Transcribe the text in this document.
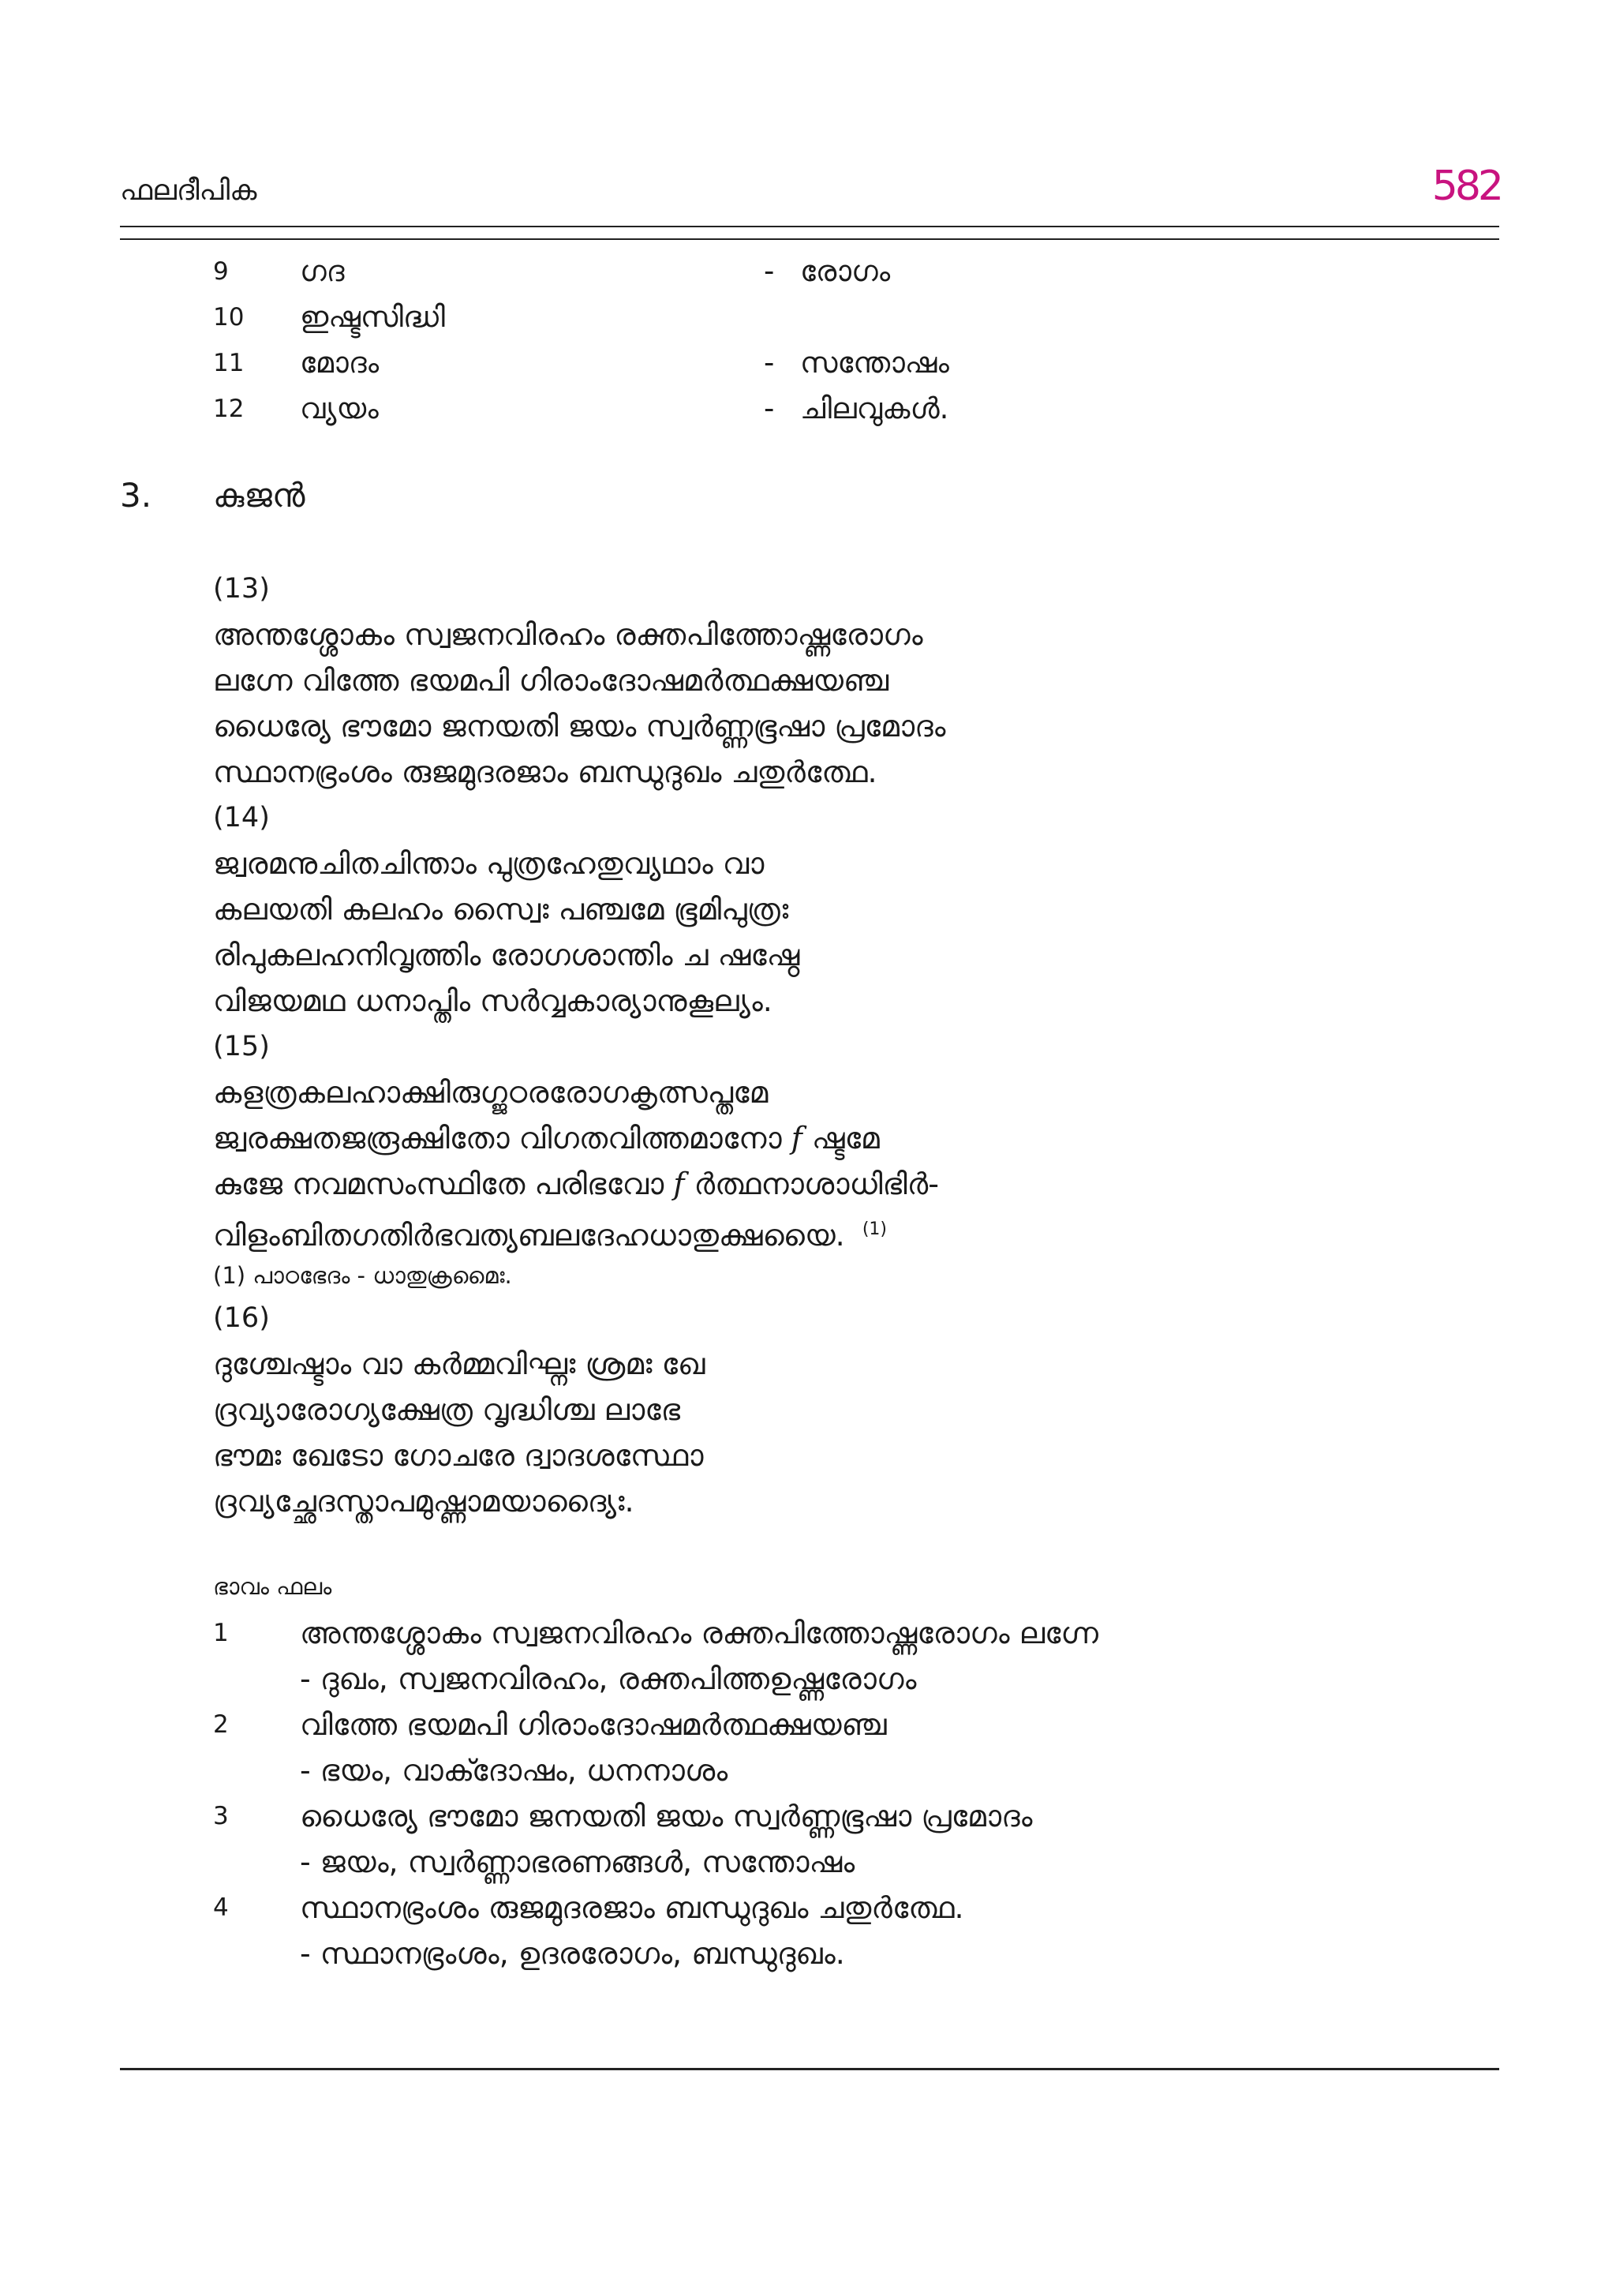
ഫലദീപിക	582
9	ഗദ	- രോഗം
10	ഇഷ്ടസിദ്ധി
11	മോദം	- സന്തോഷം
12	വ്യയം	- ചിലവുകൾ.
3. കുജൻ
(13)
അന്തശ്ശോകം സ്വജനവിരഹം രക്തപിത്തോഷ്ണരോഗം
ലഗ്നേ വിത്തേ ഭയമപി ഗിരാംദോഷമർത്ഥക്ഷയഞ്ച
ധൈര്യേ ഭൗമോ ജനയതി ജയം സ്വർണ്ണഭൂഷാ പ്രമോദം
സ്ഥാനഭ്രംശം രുജമുദരജാം ബന്ധുദുഖം ചതുർത്ഥേ.
(14)
ജ്വരമനുചിതചിന്താം പുത്രഹേതുവ്യഥാം വാ
കലയതി കലഹം സ്വൈഃ പഞ്ചമേ ഭൂമിപുത്രഃ
രിപുകലഹനിവൃത്തിം രോഗശാന്തിം ച ഷഷ്ഠേ
വിജയമഥ ധനാപ്തിം സർവ്വകാര്യാനുകൂല്യം.
(15)
കളത്രകലഹാക്ഷിരുഗ്ജഠരരോഗകൃത്സപ്തമേ
ജ്വരക്ഷതജരൂക്ഷിതോ വിഗതവിത്തമാനോ f ഷ്ടമേ
കുജേ നവമസംസ്ഥിതേ പരിഭവോ f ർത്ഥനാശാധിഭിർ-
വിളംബിതഗതിർഭവത്യബലദേഹധാതുക്ഷയൈ. $^{(1)}$
(1) പാഠഭേദം - ധാതുക്രമൈഃ.
(16)
ദുശ്ചേഷ്ടാം വാ കർമ്മവിഘ്നഃ ശ്രമഃ ഖേ
ദ്രവ്യാരോഗ്യക്ഷേത്ര വൃദ്ധിശ്ച ലാഭേ
ഭൗമഃ ഖേടോ ഗോചരേ ദ്വാദശസ്ഥോ
ദ്രവ്യച്ഛേദസ്താപമുഷ്ണാമയാദ്യൈഃ.
ഭാവം ഫലം
1 അന്തശ്ശോകം സ്വജനവിരഹം രക്തപിത്തോഷ്ണരോഗം ലഗ്നേ
- ദുഖം, സ്വജനവിരഹം, രക്തപിത്തഉഷ്ണരോഗം
2 വിത്തേ ഭയമപി ഗിരാംദോഷമർത്ഥക്ഷയഞ്ച
- ഭയം, വാക്ദോഷം, ധനനാശം
3 ധൈര്യേ ഭൗമോ ജനയതി ജയം സ്വർണ്ണഭൂഷാ പ്രമോദം
- ജയം, സ്വർണ്ണാഭരണങ്ങൾ, സന്തോഷം
4 സ്ഥാനഭ്രംശം രുജമുദരജാം ബന്ധുദുഖം ചതുർത്ഥേ.
- സ്ഥാനഭ്രംശം, ഉദരരോഗം, ബന്ധുദുഖം.
